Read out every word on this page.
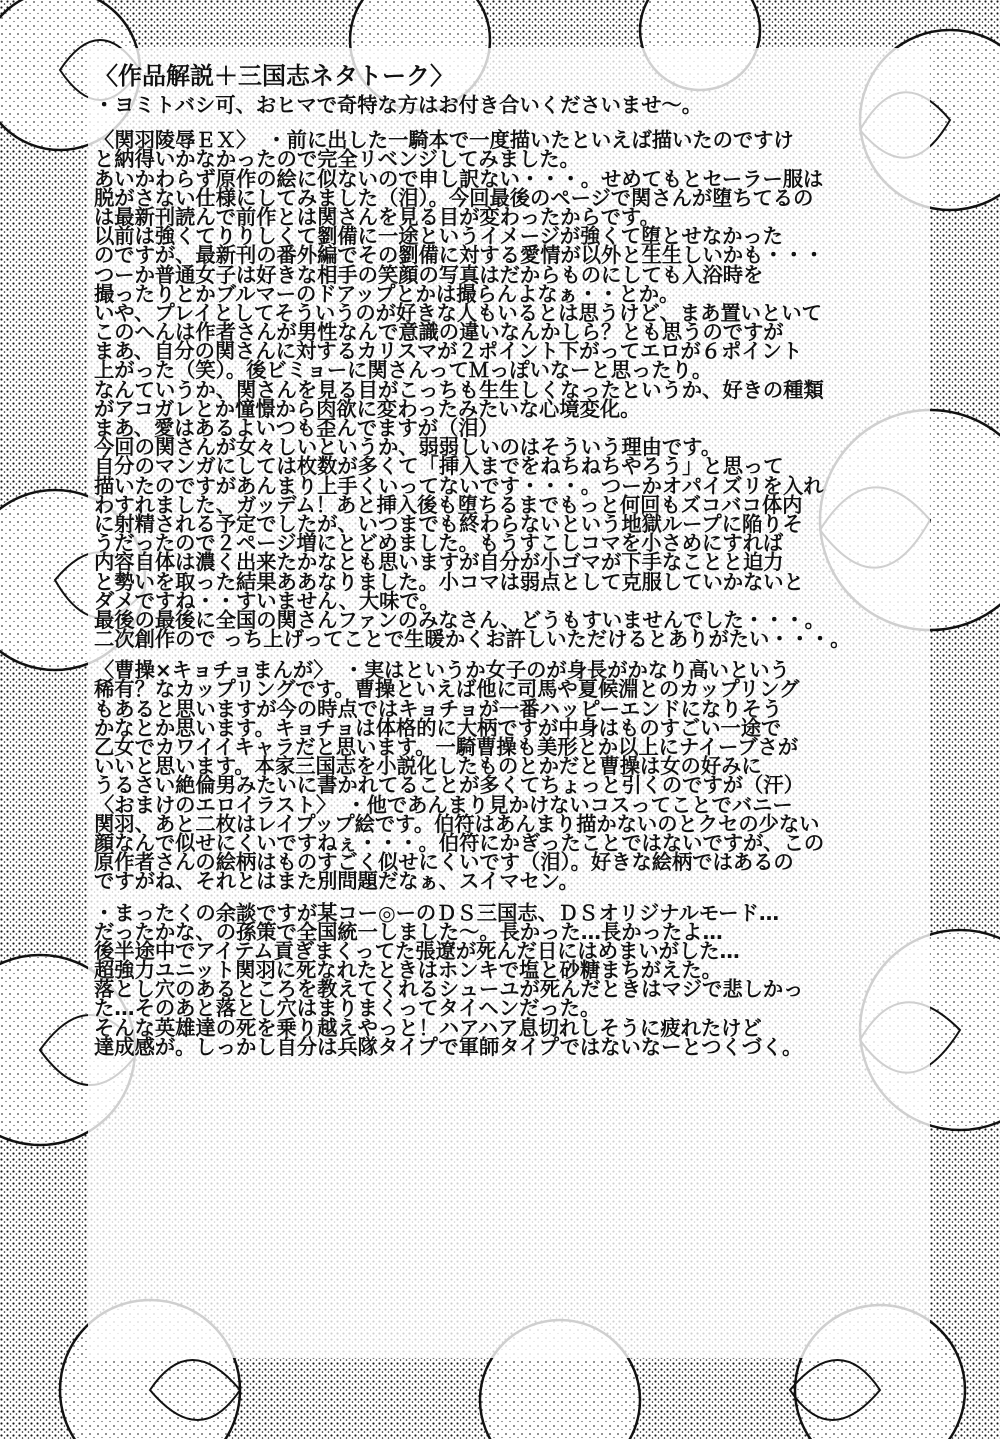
〈作品解説＋三国志ネタトーク〉
・ヨミトバシ可、おヒマで奇特な方はお付き合いくださいませ～。
〈関羽陵辱ＥＸ〉　・前に出した一騎本で一度描いたといえば描いたのですけ
と納得いかなかったので完全リベンジしてみました。
あいかわらず原作の絵に似ないので申し訳ない・・・。せめてもとセーラー服は
脱がさない仕様にしてみました（泪）。今回最後のページで関さんが堕ちてるの
は最新刊読んで前作とは関さんを見る目が変わったからです。
以前は強くてりりしくて劉備に一途というイメージが強くて堕とせなかった
のですが、最新刊の番外編でその劉備に対する愛情が以外と生生しいかも・・・
つーか普通女子は好きな相手の笑顔の写真はだからものにしても入浴時を
撮ったりとかブルマーのドアップとかは撮らんよなぁ・・とか。
いや、プレイとしてそういうのが好きな人もいるとは思うけど、まあ置いといて
このへんは作者さんが男性なんで意識の違いなんかしら？とも思うのですが
まあ、自分の関さんに対するカリスマが２ポイント下がってエロが６ポイント
上がった（笑）。後ビミョーに関さんってＭっぽいなーと思ったり。
なんていうか、関さんを見る目がこっちも生生しくなったというか、好きの種類
がアコガレとか憧憬から肉欲に変わったみたいな心境変化。
まあ、愛はあるよいつも歪んでますが（泪）
今回の関さんが女々しいというか、弱弱しいのはそういう理由です。
自分のマンガにしては枚数が多くて「挿入までをねちねちやろう」と思って
描いたのですがあんまり上手くいってないです・・・。つーかオパイズリを入れ
わすれました、ガッデム！あと挿入後も堕ちるまでもっと何回もズコバコ体内
に射精される予定でしたが、いつまでも終わらないという地獄ループに陥りそ
うだったので２ページ増にとどめました。もうすこしコマを小さめにすれば
内容自体は濃く出来たかなとも思いますが自分が小ゴマが下手なことと迫力
と勢いを取った結果ああなりました。小コマは弱点として克服していかないと
ダメですね・・すいません、大味で。
最後の最後に全国の関さんファンのみなさん、どうもすいませんでした・・・。
二次創作ので っち上げってことで生暖かくお許しいただけるとありがたい・・・。
〈曹操×キョチョまんが〉　・実はというか女子のが身長がかなり高いという
稀有？なカップリングです。曹操といえば他に司馬や夏候淵とのカップリング
もあると思いますが今の時点ではキョチョが一番ハッピーエンドになりそう
かなとか思います。キョチョは体格的に大柄ですが中身はものすごい一途で
乙女でカワイイキャラだと思います。一騎曹操も美形とか以上にナイーブさが
いいと思います。本家三国志を小説化したものとかだと曹操は女の好みに
うるさい絶倫男みたいに書かれてることが多くてちょっと引くのですが（汗）
〈おまけのエロイラスト〉　・他であんまり見かけないコスってことでバニー
関羽、あと二枚はレイプップ絵です。伯符はあんまり描かないのとクセの少ない
顔なんで似せにくいですねぇ・・・。伯符にかぎったことではないですが、この
原作者さんの絵柄はものすごく似せにくいです（泪）。好きな絵柄ではあるの
ですがね、それとはまた別問題だなぁ、スイマセン。
・まったくの余談ですが某コー◎ーのＤＳ三国志、ＤＳオリジナルモード…
だったかな、の孫策で全国統一しました～。長かった…長かったよ…
後半途中でアイテム貢ぎまくってた張遼が死んだ日にはめまいがした…
超強力ユニット関羽に死なれたときはホンキで塩と砂糖まちがえた。
落とし穴のあるところを教えてくれるシューユが死んだときはマジで悲しかっ
た…そのあと落とし穴はまりまくってタイヘンだった。
そんな英雄達の死を乗り越えやっと！ハアハア息切れしそうに疲れたけど
達成感が。しっかし自分は兵隊タイプで軍師タイプではないなーとつくづく。
